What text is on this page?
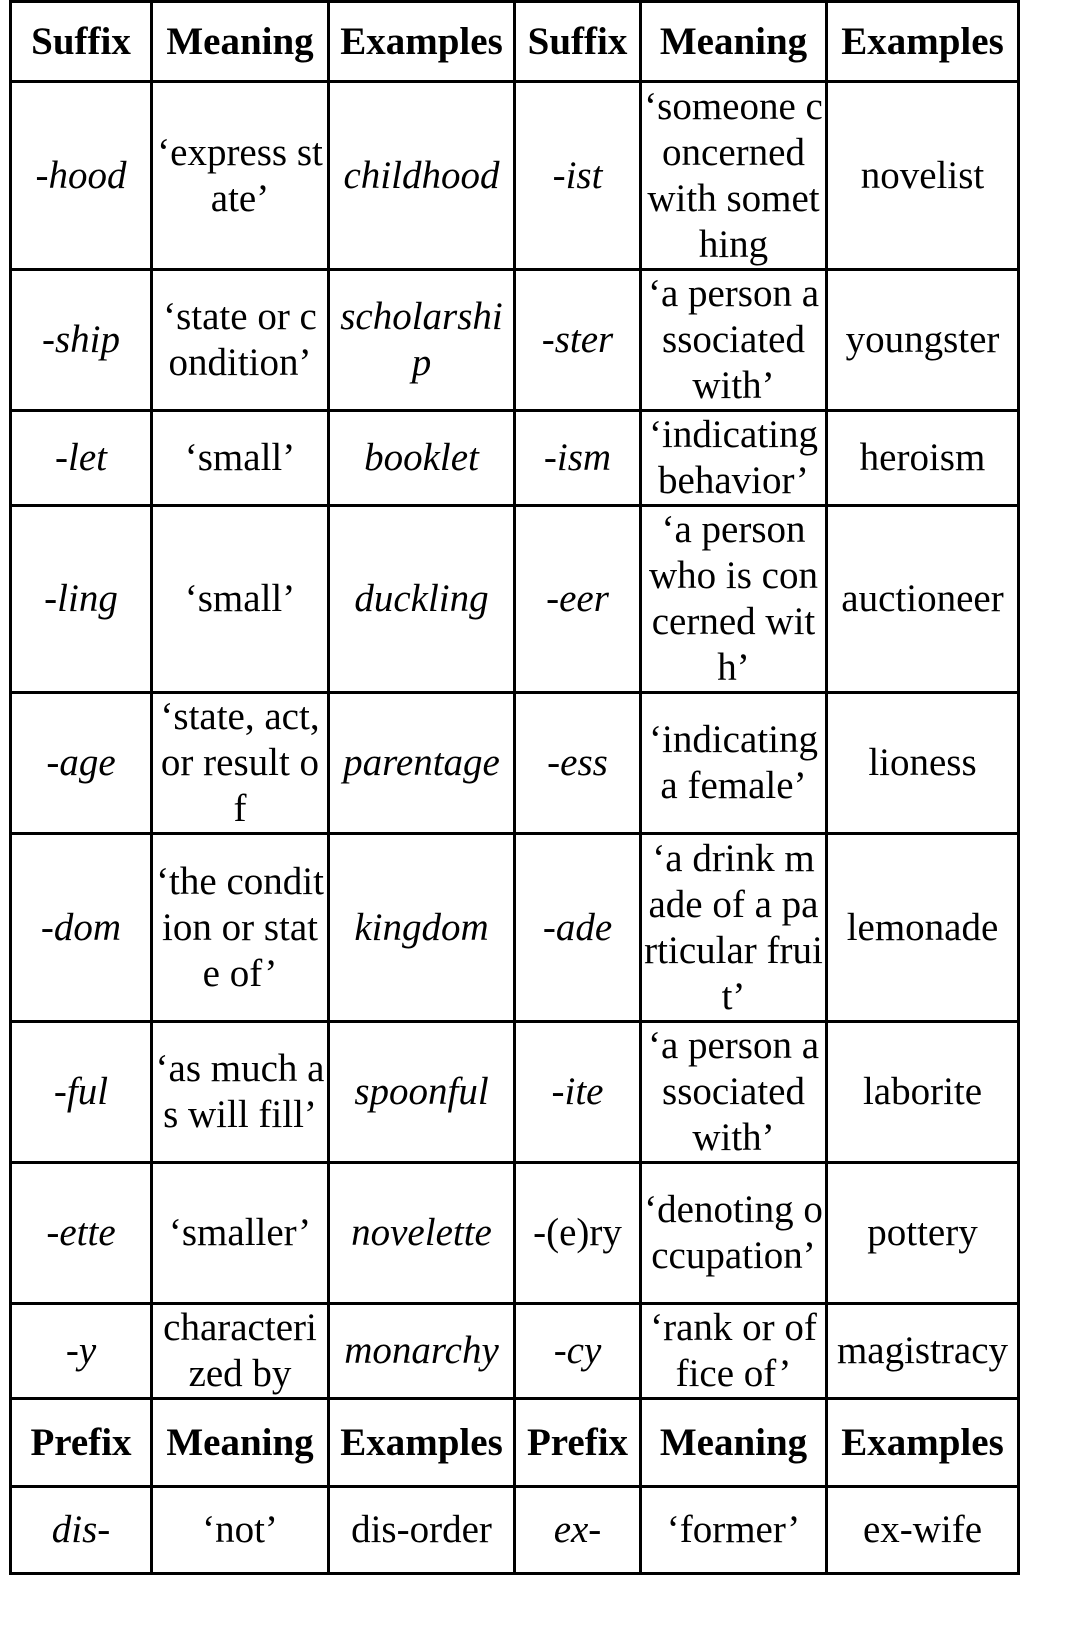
Suffix	Meaning	Examples	Suffix	Meaning	Examples
-hood	‘express state’	childhood	-ist	‘someone concerned with something	novelist
-ship	‘state or condition’	scholarship	-ster	‘a person associated with’	youngster
-let	‘small’	booklet	-ism	‘indicating behavior’	heroism
-ling	‘small’	duckling	-eer	‘a person who is concerned with’	auctioneer
-age	‘state, act, or result of	parentage	-ess	‘indicating a female’	lioness
-dom	‘the condition or state of’	kingdom	-ade	‘a drink made of a particular fruit’	lemonade
-ful	‘as much as will fill’	spoonful	-ite	‘a person associated with’	laborite
-ette	‘smaller’	novelette	-(e)ry	‘denoting occupation’	pottery
-y	characterized by	monarchy	-cy	‘rank or office of’	magistracy
Prefix	Meaning	Examples	Prefix	Meaning	Examples
dis-	‘not’	dis-order	ex-	‘former’	ex-wife
